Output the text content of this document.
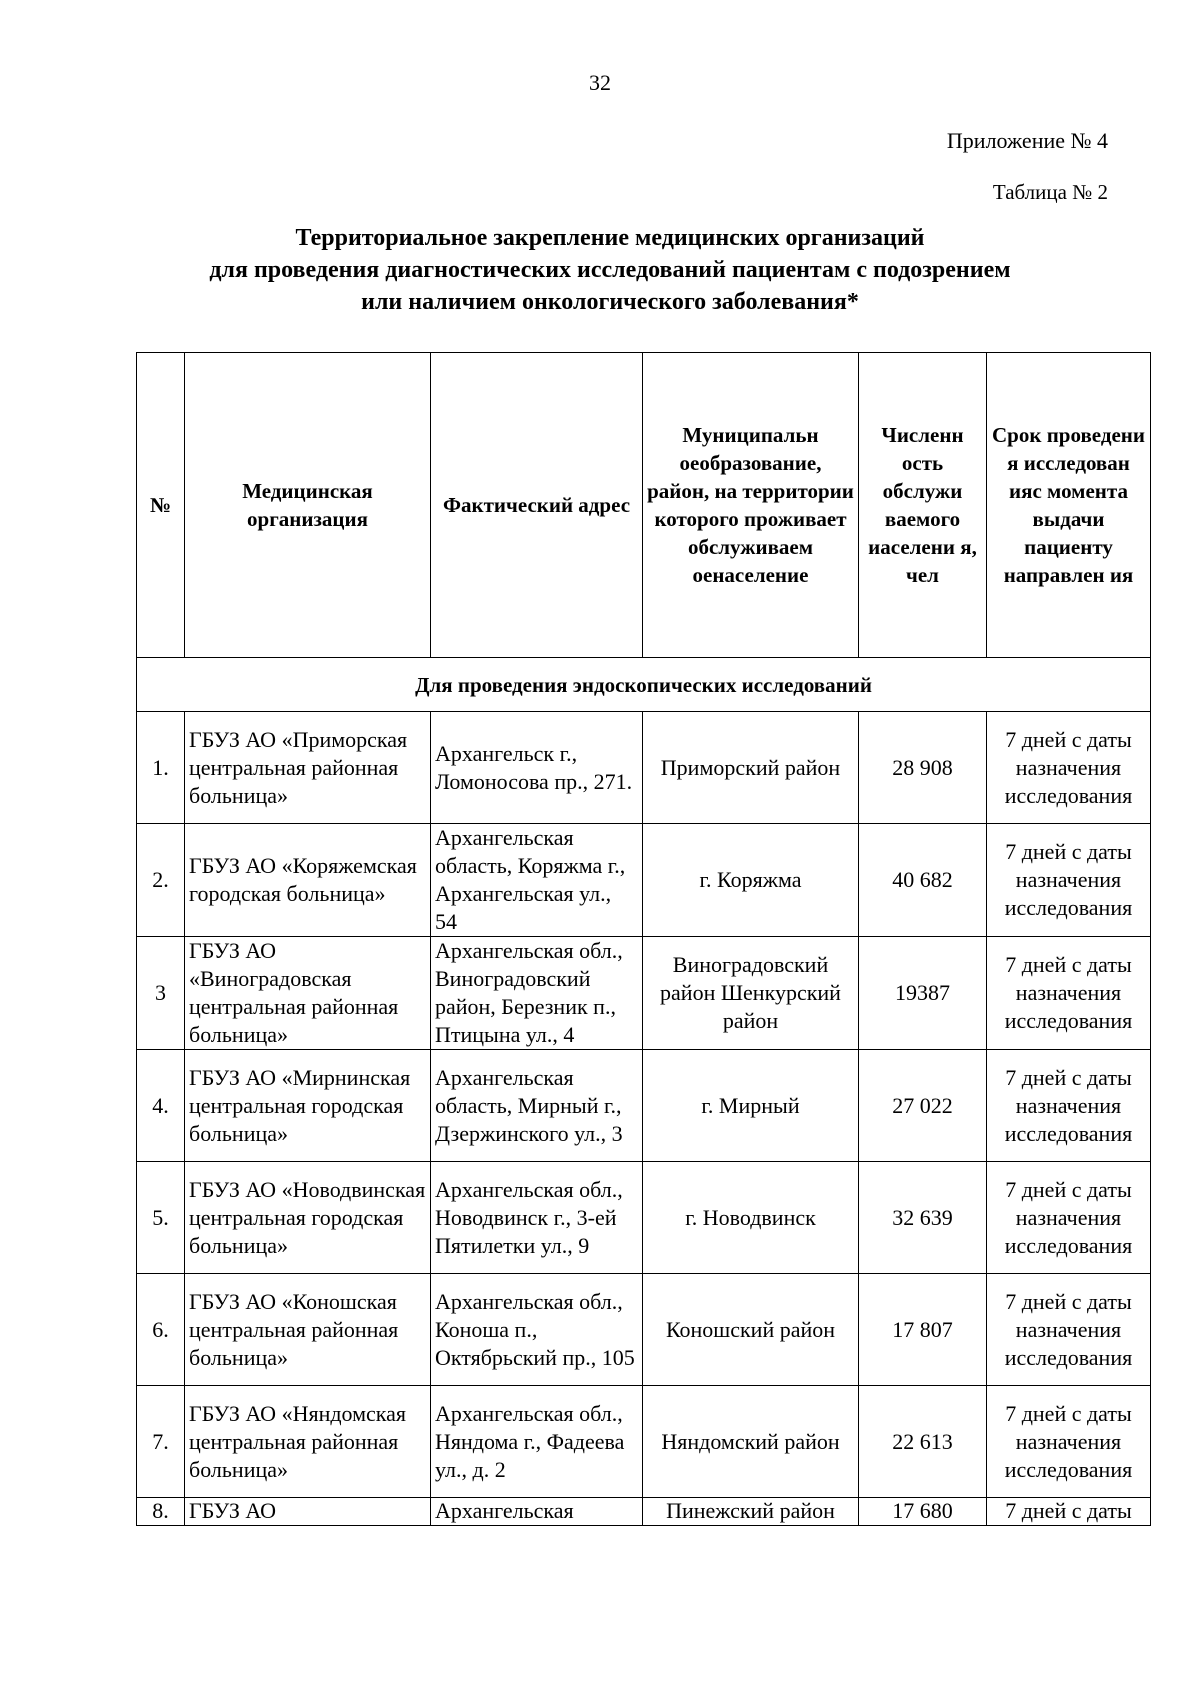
32
Приложение № 4
Таблица № 2
Территориальное закрепление медицинских организаций
для проведения диагностических исследований пациентам с подозрением
или наличием онкологического заболевания*
№	Медицинская организация	Фактический адрес	Муниципальн оеобразование, район, на территории которого проживает обслуживаем оенаселение	Численн ость обслужи ваемого иаселени я, чел	Срок проведени я исследован ияс момента выдачи пациенту направлен ия
Для проведения эндоскопических исследований					
1.	ГБУЗ АО «Приморская центральная районная больница»	Архангельск г., Ломоносова пр., 271.	Приморский район	28 908	7 дней с даты назначения исследования
2.	ГБУЗ АО «Коряжемская городская больница»	Архангельская область, Коряжма г., Архангельская ул., 54	г. Коряжма	40 682	7 дней с даты назначения исследования
3	ГБУЗ АО «Виноградовская центральная районная больница»	Архангельская обл., Виноградовский район, Березник п., Птицына ул., 4	Виноградовский район Шенкурский район	19387	7 дней с даты назначения исследования
4.	ГБУЗ АО «Мирнинская центральная городская больница»	Архангельская область, Мирный г., Дзержинского ул., 3	г. Мирный	27 022	7 дней с даты назначения исследования
5.	ГБУЗ АО «Новодвинская центральная городская больница»	Архангельская обл., Новодвинск г., 3-ей Пятилетки ул., 9	г. Новодвинск	32 639	7 дней с даты назначения исследования
6.	ГБУЗ АО «Коношская центральная районная больница»	Архангельская обл., Коноша п., Октябрьский пр., 105	Коношский район	17 807	7 дней с даты назначения исследования
7.	ГБУЗ АО «Няндомская центральная районная больница»	Архангельская обл., Няндома г., Фадеева ул., д. 2	Няндомский район	22 613	7 дней с даты назначения исследования
8.	ГБУЗ АО	Архангельская	Пинежский район	17 680	7 дней с даты
